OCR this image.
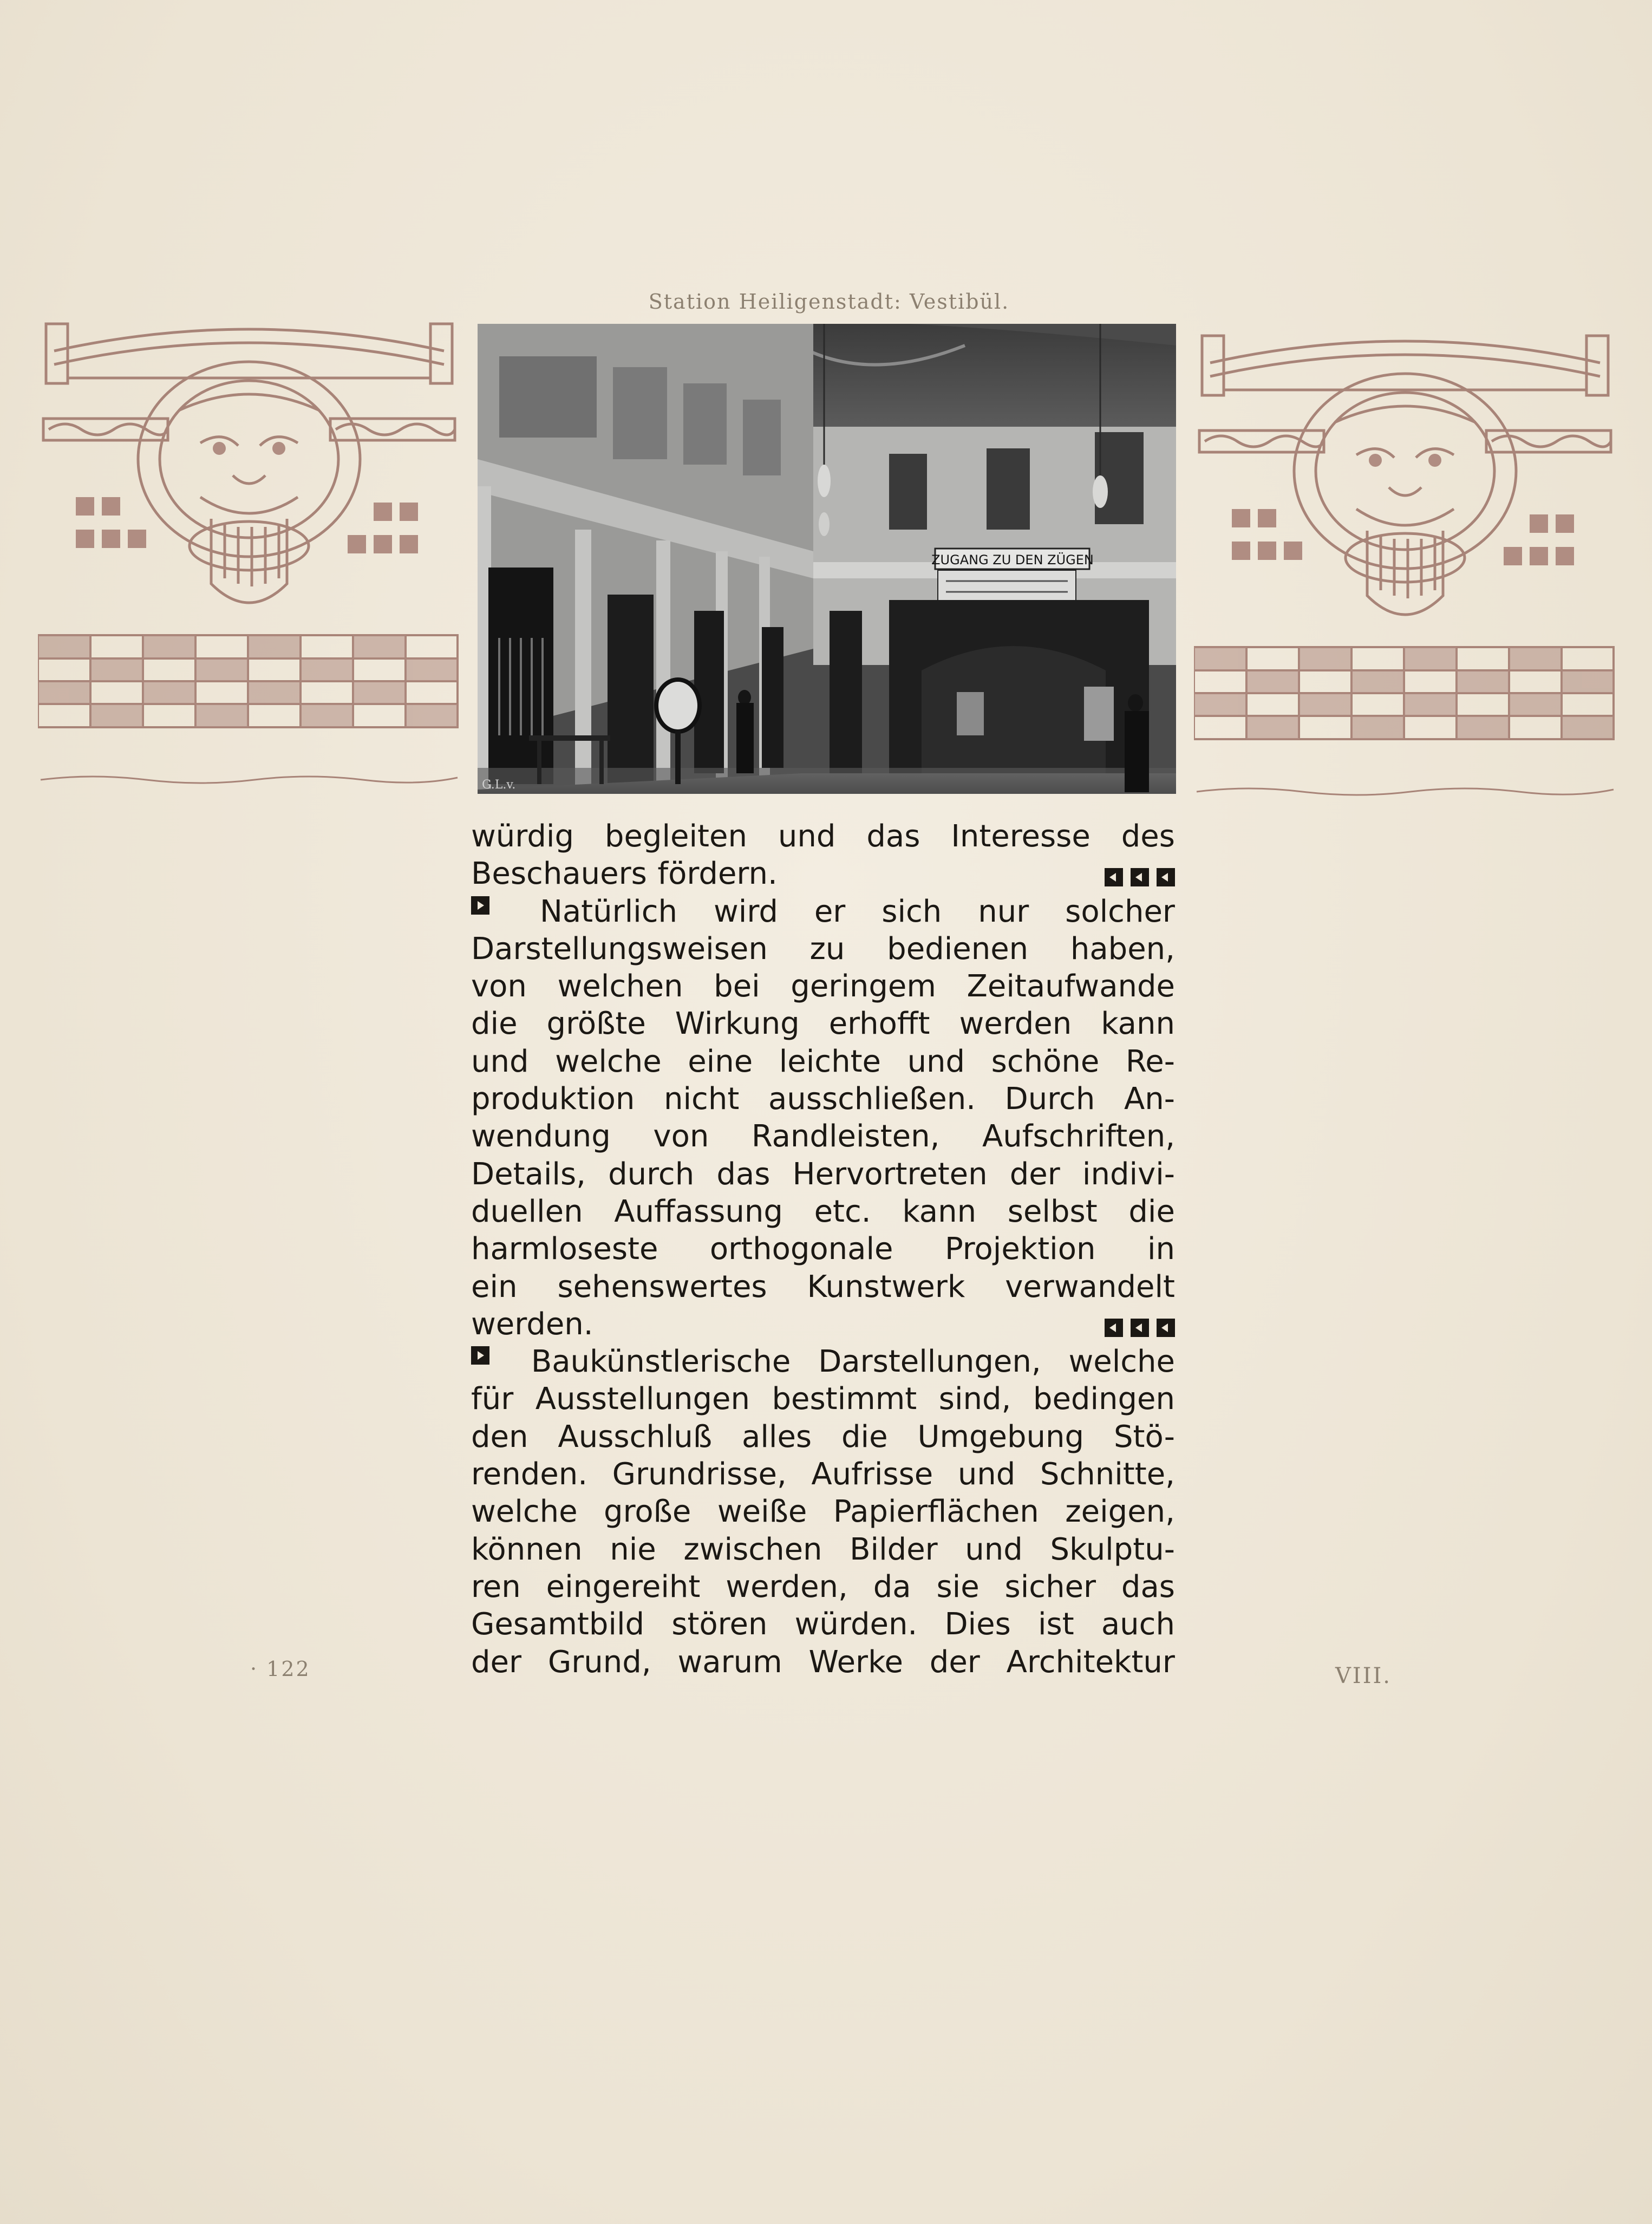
Station Heiligenstadt: Vestibül.
ZUGANG ZU DEN ZÜGEN
G.L.v.
würdig begleiten und das Interesse des
Beschauers fördern.
Natürlich wird er sich nur solcher
Darstellungsweisen zu bedienen haben,
von welchen bei geringem Zeitaufwande
die größte Wirkung erhofft werden kann
und welche eine leichte und schöne Re-
produktion nicht ausschließen. Durch An-
wendung von Randleisten, Aufschriften,
Details, durch das Hervortreten der indivi-
duellen Auffassung etc. kann selbst die
harmloseste orthogonale Projektion in
ein sehenswertes Kunstwerk verwandelt
werden.
Baukünstlerische Darstellungen, welche
für Ausstellungen bestimmt sind, bedingen
den Ausschluß alles die Umgebung Stö-
renden. Grundrisse, Aufrisse und Schnitte,
welche große weiße Papierflächen zeigen,
können nie zwischen Bilder und Skulptu-
ren eingereiht werden, da sie sicher das
Gesamtbild stören würden. Dies ist auch
der Grund, warum Werke der Architektur
· 122	VIII.
